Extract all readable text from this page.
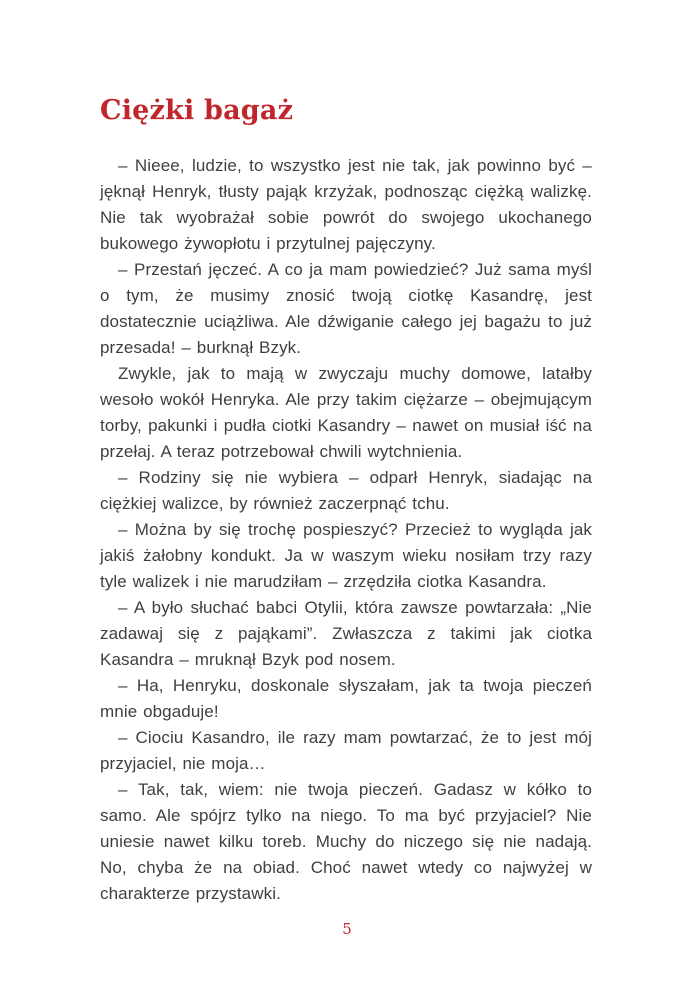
Ciężki bagaż

– Nieee, ludzie, to wszystko jest nie tak, jak powinno być – jęknął Henryk, tłusty pająk krzyżak, podnosząc ciężką walizkę. Nie tak wyobrażał sobie powrót do swojego ukochanego bukowego żywopłotu i przytulnej pajęczyny.

– Przestań jęczeć. A co ja mam powiedzieć? Już sama myśl o tym, że musimy znosić twoją ciotkę Kasandrę, jest dostatecznie uciążliwa. Ale dźwiganie całego jej bagażu to już przesada! – burknął Bzyk.

Zwykle, jak to mają w zwyczaju muchy domowe, latałby wesoło wokół Henryka. Ale przy takim ciężarze – obejmującym torby, pakunki i pudła ciotki Kasandry – nawet on musiał iść na przełaj. A teraz potrzebował chwili wytchnienia.

– Rodziny się nie wybiera – odparł Henryk, siadając na ciężkiej walizce, by również zaczerpnąć tchu.

– Można by się trochę pospieszyć? Przecież to wygląda jak jakiś żałobny kondukt. Ja w waszym wieku nosiłam trzy razy tyle walizek i nie marudziłam – zrzędziła ciotka Kasandra.

– A było słuchać babci Otylii, która zawsze powtarzała: „Nie zadawaj się z pająkami”. Zwłaszcza z takimi jak ciotka Kasandra – mruknął Bzyk pod nosem.

– Ha, Henryku, doskonale słyszałam, jak ta twoja pieczeń mnie obgaduje!

– Ciociu Kasandro, ile razy mam powtarzać, że to jest mój przyjaciel, nie moja…

– Tak, tak, wiem: nie twoja pieczeń. Gadasz w kółko to samo. Ale spójrz tylko na niego. To ma być przyjaciel? Nie uniesie nawet kilku toreb. Muchy do niczego się nie nadają. No, chyba że na obiad. Choć nawet wtedy co najwyżej w charakterze przystawki.

5
